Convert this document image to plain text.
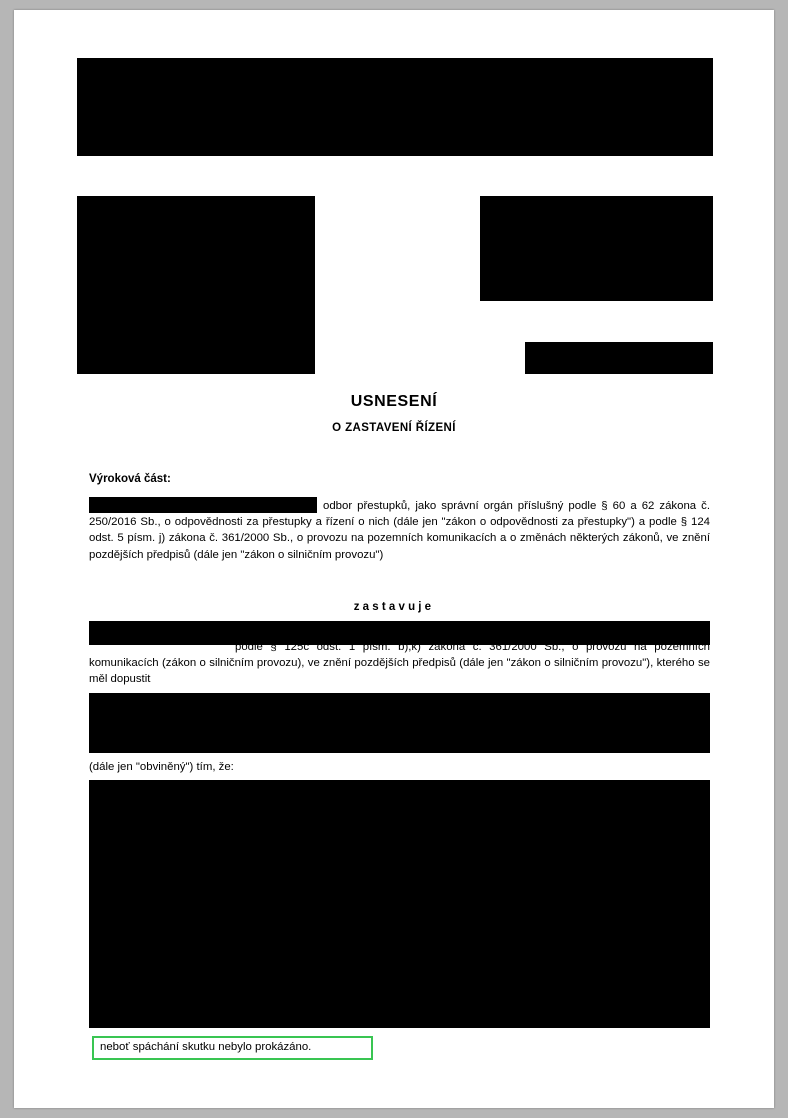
USNESENÍ
O ZASTAVENÍ ŘÍZENÍ
Výroková část:
odbor přestupků, jako správní orgán příslušný podle § 60 a 62 zákona č. 250/2016 Sb., o odpovědnosti za přestupky a řízení o nich (dále jen "zákon o odpovědnosti za přestupky") a podle § 124 odst. 5 písm. j) zákona č. 361/2000 Sb., o provozu na pozemních komunikacích a o změnách některých zákonů, ve znění pozdějších předpisů (dále jen "zákon o silničním provozu")
zastavuje
podle § 125c odst. 1 písm. b),k) zákona č. 361/2000 Sb., o provozu na pozemních komunikacích (zákon o silničním provozu), ve znění pozdějších předpisů (dále jen "zákon o silničním provozu"), kterého se měl dopustit
(dále jen "obviněný") tím, že:
neboť spáchání skutku nebylo prokázáno.
